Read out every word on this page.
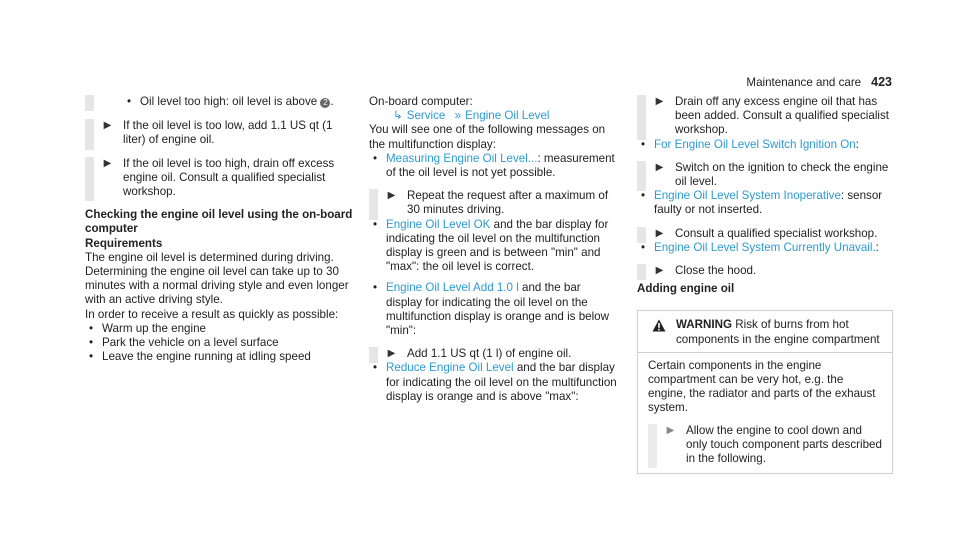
Maintenance and care 423
• Oil level too high: oil level is above 2 .
▶	If the oil level is too low, add 1.1 US qt (1 liter) of engine oil.
▶	If the oil level is too high, drain off excess engine oil. Consult a qualified specialist workshop.
Checking the engine oil level using the on-board computer
Requirements

The engine oil level is determined during driving. Determining the engine oil level can take up to 30 minutes with a normal driving style and even longer with an active driving style.

In order to receive a result as quickly as possible:

• Warm up the engine
• Park the vehicle on a level surface
• Leave the engine running at idling speed

On-board computer:

↳ Service » Engine Oil Level

You will see one of the following messages on the multifunction display:

• Measuring Engine Oil Level...: measurement of the oil level is not yet possible.
▶	Repeat the request after a maximum of 30 minutes driving.
• Engine Oil Level OK and the bar display for indicating the oil level on the multifunction display is green and is between "min" and "max": the oil level is correct.
• Engine Oil Level Add 1.0 l and the bar display for indicating the oil level on the multifunction display is orange and is below "min":
▶	Add 1.1 US qt (1 l) of engine oil.
• Reduce Engine Oil Level and the bar display for indicating the oil level on the multifunction display is orange and is above "max":
▶	Drain off any excess engine oil that has been added. Consult a qualified specialist workshop.
• For Engine Oil Level Switch Ignition On:
▶	Switch on the ignition to check the engine oil level.
• Engine Oil Level System Inoperative: sensor faulty or not inserted.
▶	Consult a qualified specialist workshop.
• Engine Oil Level System Currently Unavail.:
▶	Close the hood.
Adding engine oil
WARNING Risk of burns from hot components in the engine compartment

Certain components in the engine compartment can be very hot, e.g. the engine, the radiator and parts of the exhaust system.

▶	Allow the engine to cool down and only touch component parts described in the following.
